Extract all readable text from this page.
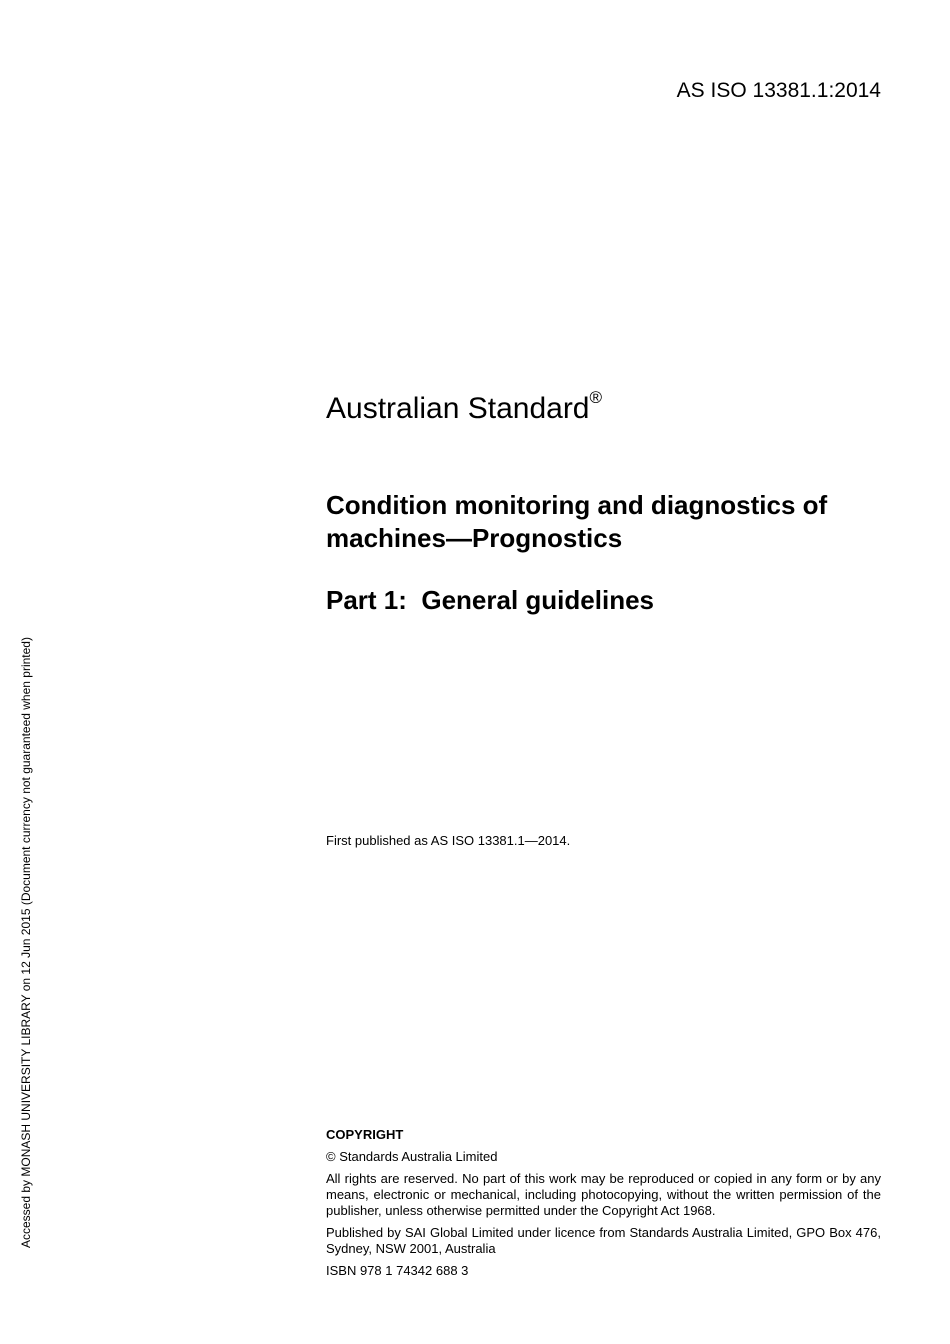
AS ISO 13381.1:2014
Accessed by MONASH UNIVERSITY LIBRARY on 12 Jun 2015 (Document currency not guaranteed when printed)
Australian Standard®
Condition monitoring and diagnostics of machines—Prognostics
Part 1:  General guidelines
First published as AS ISO 13381.1—2014.

COPYRIGHT

© Standards Australia Limited

All rights are reserved. No part of this work may be reproduced or copied in any form or by any means, electronic or mechanical, including photocopying, without the written permission of the publisher, unless otherwise permitted under the Copyright Act 1968.

Published by SAI Global Limited under licence from Standards Australia Limited, GPO Box 476, Sydney, NSW 2001, Australia

ISBN 978 1 74342 688 3
